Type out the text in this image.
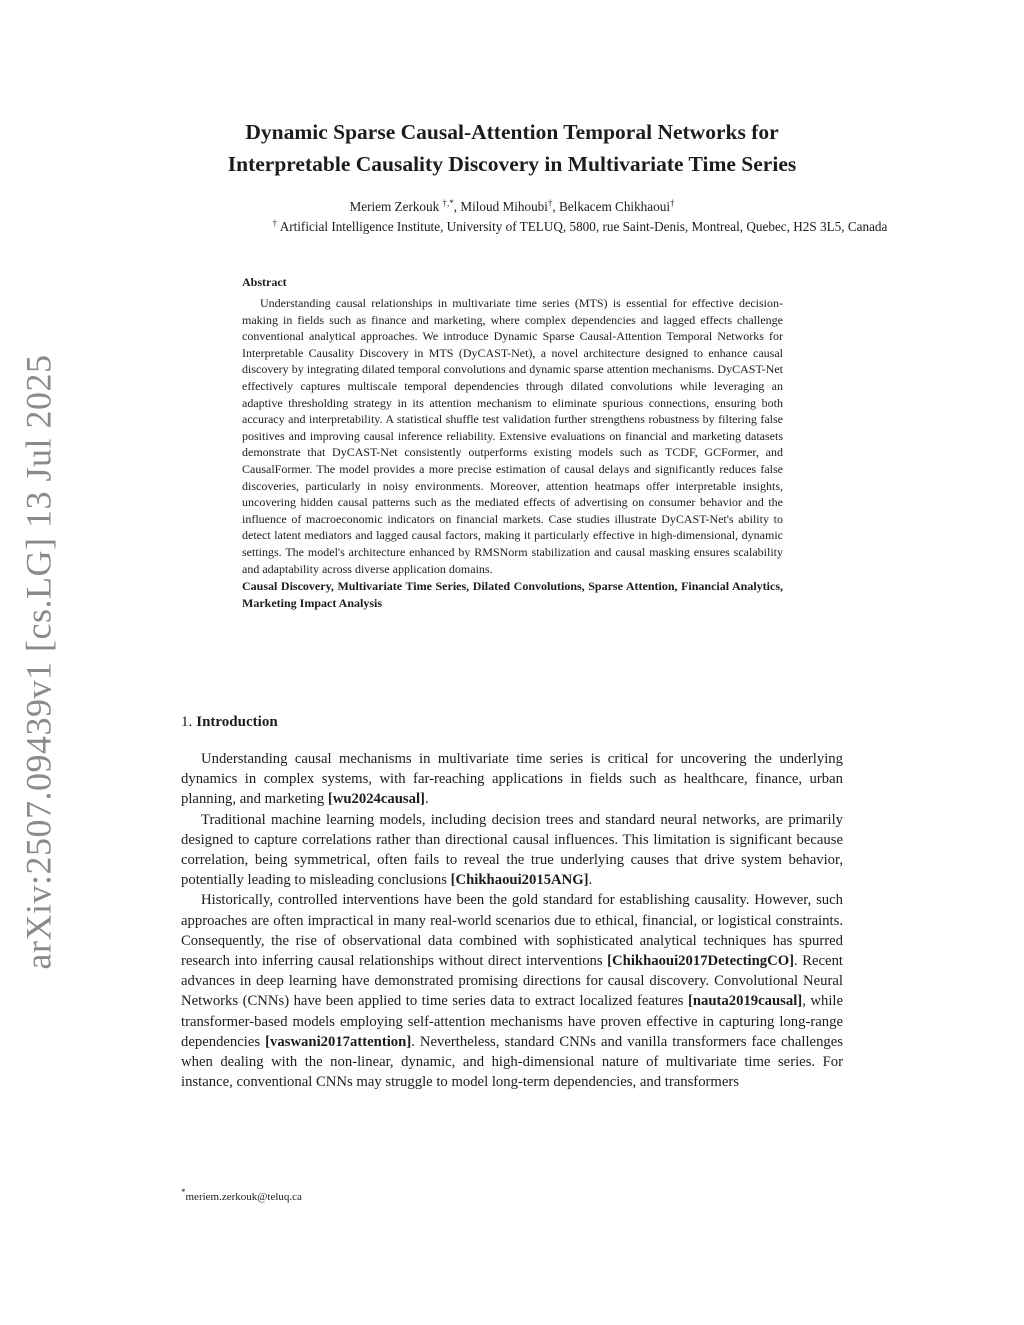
arXiv:2507.09439v1 [cs.LG] 13 Jul 2025
Dynamic Sparse Causal-Attention Temporal Networks for
Interpretable Causality Discovery in Multivariate Time Series
Meriem Zerkouk †,*, Miloud Mihoubi†, Belkacem Chikhaoui†
† Artificial Intelligence Institute, University of TELUQ, 5800, rue Saint-Denis, Montreal, Quebec, H2S 3L5, Canada
Abstract
Understanding causal relationships in multivariate time series (MTS) is essential for effective decision-making in fields such as finance and marketing, where complex dependencies and lagged effects challenge conventional analytical approaches. We introduce Dynamic Sparse Causal-Attention Temporal Networks for Interpretable Causality Discovery in MTS (DyCAST-Net), a novel architecture designed to enhance causal discovery by integrating dilated temporal convolutions and dynamic sparse attention mechanisms. DyCAST-Net effectively captures multiscale temporal dependencies through dilated convolutions while leveraging an adaptive thresholding strategy in its attention mechanism to eliminate spurious connections, ensuring both accuracy and interpretability. A statistical shuffle test validation further strengthens robustness by filtering false positives and improving causal inference reliability. Extensive evaluations on financial and marketing datasets demonstrate that DyCAST-Net consistently outperforms existing models such as TCDF, GCFormer, and CausalFormer. The model provides a more precise estimation of causal delays and significantly reduces false discoveries, particularly in noisy environments. Moreover, attention heatmaps offer interpretable insights, uncovering hidden causal patterns such as the mediated effects of advertising on consumer behavior and the influence of macroeconomic indicators on financial markets. Case studies illustrate DyCAST-Net's ability to detect latent mediators and lagged causal factors, making it particularly effective in high-dimensional, dynamic settings. The model's architecture enhanced by RMSNorm stabilization and causal masking ensures scalability and adaptability across diverse application domains.
Causal Discovery, Multivariate Time Series, Dilated Convolutions, Sparse Attention, Financial Analytics, Marketing Impact Analysis
1. Introduction

Understanding causal mechanisms in multivariate time series is critical for uncovering the underlying dynamics in complex systems, with far-reaching applications in fields such as healthcare, finance, urban planning, and marketing [wu2024causal].

Traditional machine learning models, including decision trees and standard neural networks, are primarily designed to capture correlations rather than directional causal influences. This limitation is significant because correlation, being symmetrical, often fails to reveal the true underlying causes that drive system behavior, potentially leading to misleading conclusions [Chikhaoui2015ANG].

Historically, controlled interventions have been the gold standard for establishing causality. However, such approaches are often impractical in many real-world scenarios due to ethical, financial, or logistical constraints. Consequently, the rise of observational data combined with sophisticated analytical techniques has spurred research into inferring causal relationships without direct interventions [Chikhaoui2017DetectingCO]. Recent advances in deep learning have demonstrated promising directions for causal discovery. Convolutional Neural Networks (CNNs) have been applied to time series data to extract localized features [nauta2019causal], while transformer-based models employing self-attention mechanisms have proven effective in capturing long-range dependencies [vaswani2017attention]. Nevertheless, standard CNNs and vanilla transformers face challenges when dealing with the non-linear, dynamic, and high-dimensional nature of multivariate time series. For instance, conventional CNNs may struggle to model long-term dependencies, and transformers

*meriem.zerkouk@teluq.ca
